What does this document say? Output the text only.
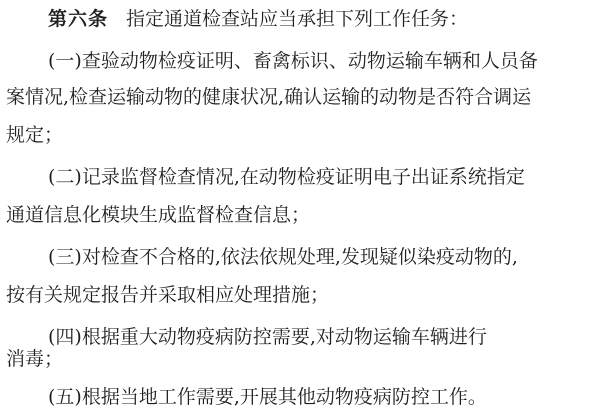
第六条 指定通道检查站应当承担下列工作任务：
(一)查验动物检疫证明、畜禽标识、动物运输车辆和人员备
案情况,检查运输动物的健康状况,确认运输的动物是否符合调运
规定；
(二)记录监督检查情况,在动物检疫证明电子出证系统指定
通道信息化模块生成监督检查信息；
(三)对检查不合格的,依法依规处理,发现疑似染疫动物的,
按有关规定报告并采取相应处理措施；
(四)根据重大动物疫病防控需要,对动物运输车辆进行
消毒；
(五)根据当地工作需要,开展其他动物疫病防控工作。
